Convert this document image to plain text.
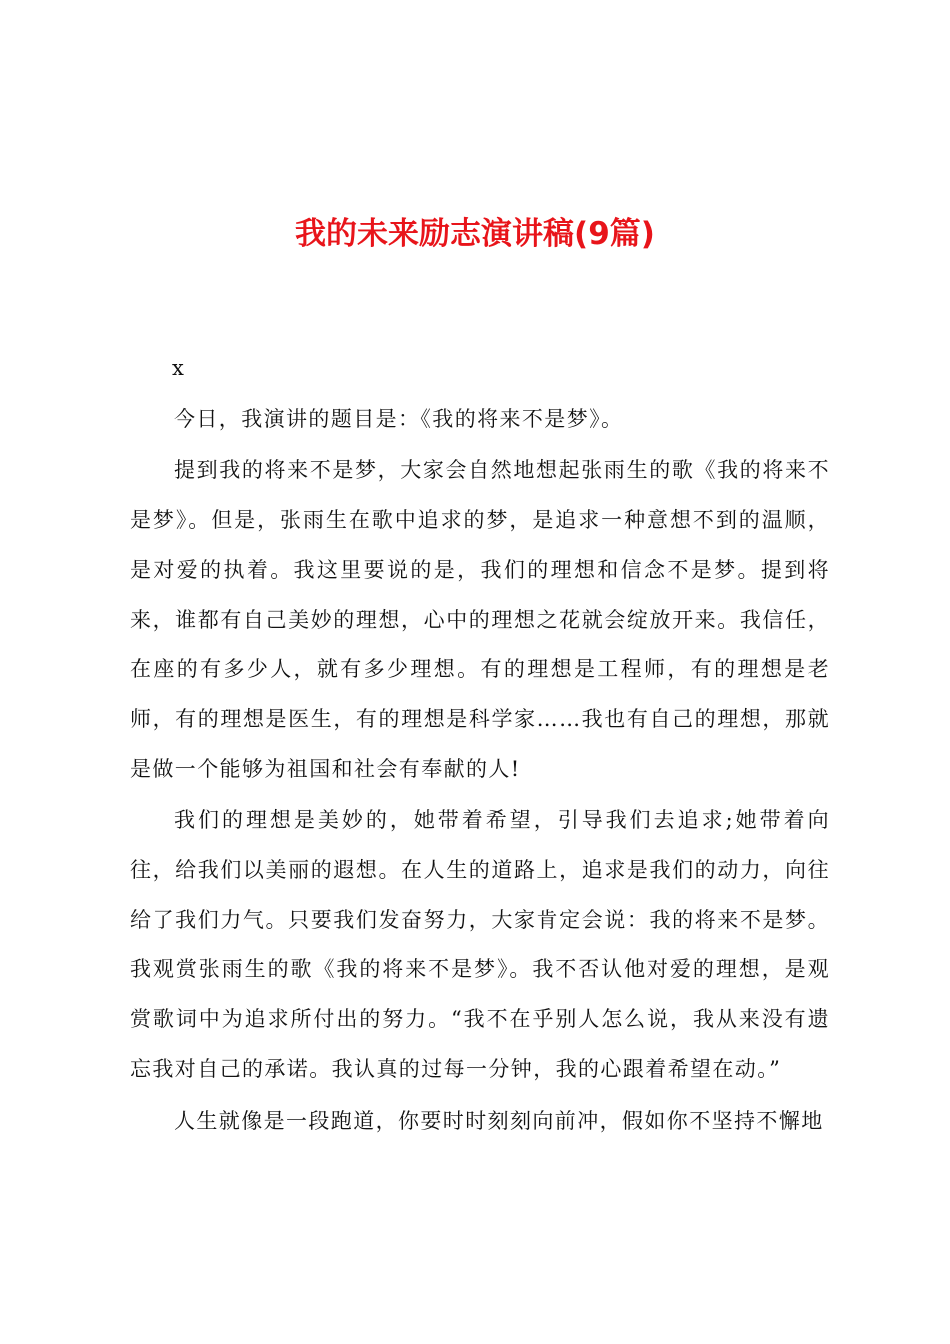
我的未来励志演讲稿(9篇)

x

今日，我演讲的题目是：《我的将来不是梦》。

提到我的将来不是梦，大家会自然地想起张雨生的歌《我的将来不是梦》。但是，张雨生在歌中追求的梦，是追求一种意想不到的温顺，是对爱的执着。我这里要说的是，我们的理想和信念不是梦。提到将来，谁都有自己美妙的理想，心中的理想之花就会绽放开来。我信任，在座的有多少人，就有多少理想。有的理想是工程师，有的理想是老师，有的理想是医生，有的理想是科学家……我也有自己的理想，那就是做一个能够为祖国和社会有奉献的人!

我们的理想是美妙的，她带着希望，引导我们去追求;她带着向往，给我们以美丽的遐想。在人生的道路上，追求是我们的动力，向往给了我们力气。只要我们发奋努力，大家肯定会说：我的将来不是梦。我观赏张雨生的歌《我的将来不是梦》。我不否认他对爱的理想，是观赏歌词中为追求所付出的努力。“我不在乎别人怎么说，我从来没有遗忘我对自己的承诺。我认真的过每一分钟，我的心跟着希望在动。”

人生就像是一段跑道，你要时时刻刻向前冲，假如你不坚持不懈地
